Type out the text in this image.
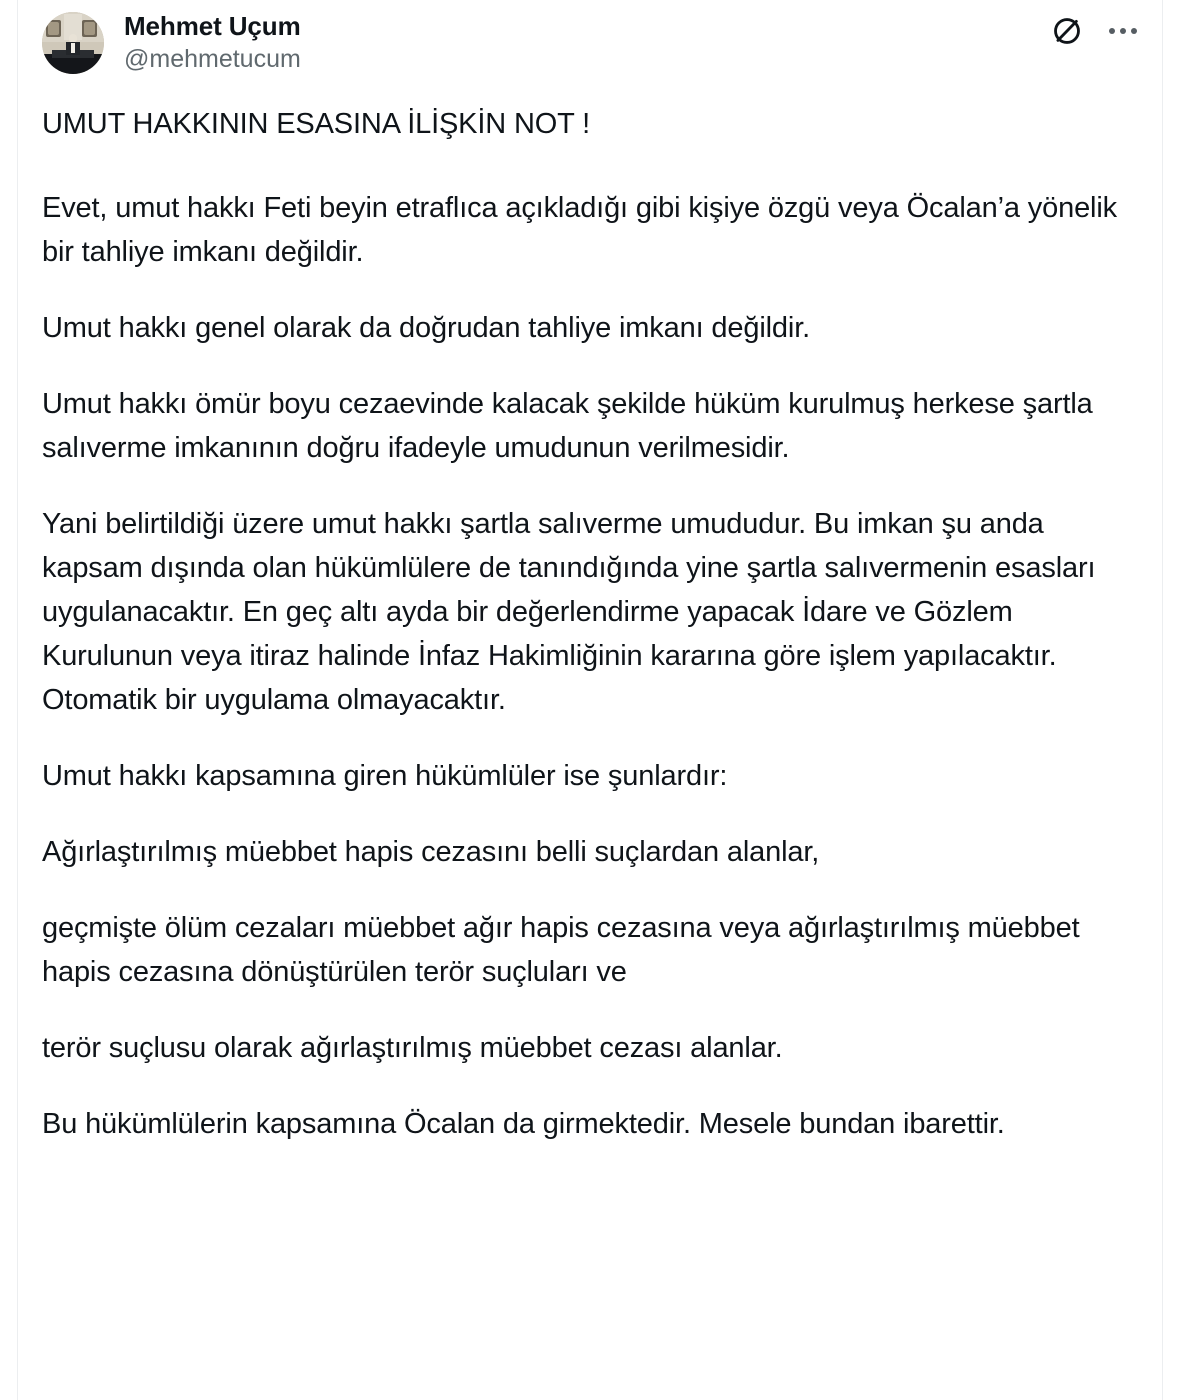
Mehmet Uçum
@mehmetucum

UMUT HAKKININ ESASINA İLİŞKİN NOT !

Evet, umut hakkı Feti beyin etraflıca açıkladığı gibi kişiye özgü veya Öcalan’a yönelik bir tahliye imkanı değildir.

Umut hakkı genel olarak da doğrudan tahliye imkanı değildir.

Umut hakkı ömür boyu cezaevinde kalacak şekilde hüküm kurulmuş herkese şartla salıverme imkanının doğru ifadeyle umudunun verilmesidir.

Yani belirtildiği üzere umut hakkı şartla salıverme umududur. Bu imkan şu anda kapsam dışında olan hükümlülere de tanındığında yine şartla salıvermenin esasları uygulanacaktır. En geç altı ayda bir değerlendirme yapacak İdare ve Gözlem Kurulunun veya itiraz halinde İnfaz Hakimliğinin kararına göre işlem yapılacaktır. Otomatik bir uygulama olmayacaktır.

Umut hakkı kapsamına giren hükümlüler ise şunlardır:

Ağırlaştırılmış müebbet hapis cezasını belli suçlardan alanlar,

geçmişte ölüm cezaları müebbet ağır hapis cezasına veya ağırlaştırılmış müebbet hapis cezasına dönüştürülen terör suçluları ve

terör suçlusu olarak ağırlaştırılmış müebbet cezası alanlar.

Bu hükümlülerin kapsamına Öcalan da girmektedir. Mesele bundan ibarettir.
